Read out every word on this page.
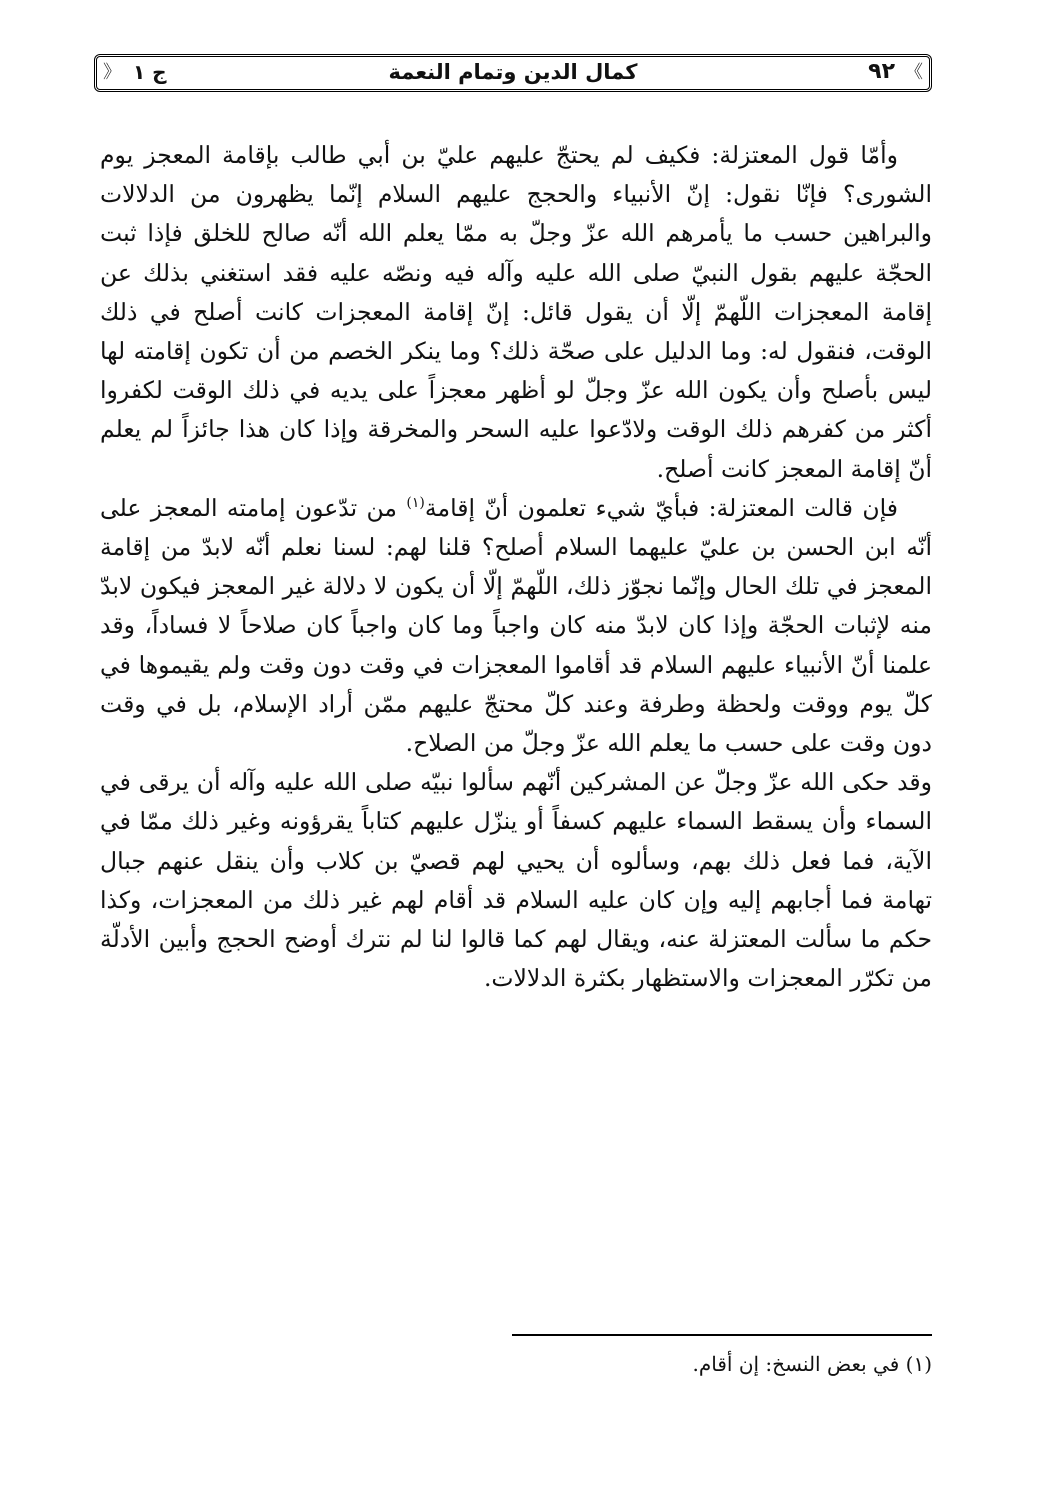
《
٩٢
كمال الدين وتمام النعمة
ج ١
》

وأمّا قول المعتزلة: فكيف لم يحتجّ عليهم عليّ بن أبي طالب بإقامة المعجز يوم الشورى؟ فإنّا نقول: إنّ الأنبياء والحجج عليهم السلام إنّما يظهرون من الدلالات والبراهين حسب ما يأمرهم الله عزّ وجلّ به ممّا يعلم الله أنّه صالح للخلق فإذا ثبت الحجّة عليهم بقول النبيّ صلى الله عليه وآله فيه ونصّه عليه فقد استغني بذلك عن إقامة المعجزات اللّهمّ إلّا أن يقول قائل: إنّ إقامة المعجزات كانت أصلح في ذلك الوقت، فنقول له: وما الدليل على صحّة ذلك؟ وما ينكر الخصم من أن تكون إقامته لها ليس بأصلح وأن يكون الله عزّ وجلّ لو أظهر معجزاً على يديه في ذلك الوقت لكفروا أكثر من كفرهم ذلك الوقت ولادّعوا عليه السحر والمخرقة وإذا كان هذا جائزاً لم يعلم أنّ إقامة المعجز كانت أصلح.

فإن قالت المعتزلة: فبأيّ شيء تعلمون أنّ إقامة$^{(١)}$ من تدّعون إمامته المعجز على أنّه ابن الحسن بن عليّ عليهما السلام أصلح؟ قلنا لهم: لسنا نعلم أنّه لابدّ من إقامة المعجز في تلك الحال وإنّما نجوّز ذلك، اللّهمّ إلّا أن يكون لا دلالة غير المعجز فيكون لابدّ منه لإثبات الحجّة وإذا كان لابدّ منه كان واجباً وما كان واجباً كان صلاحاً لا فساداً، وقد علمنا أنّ الأنبياء عليهم السلام قد أقاموا المعجزات في وقت دون وقت ولم يقيموها في كلّ يوم ووقت ولحظة وطرفة وعند كلّ محتجّ عليهم ممّن أراد الإسلام، بل في وقت دون وقت على حسب ما يعلم الله عزّ وجلّ من الصلاح.

وقد حكى الله عزّ وجلّ عن المشركين أنّهم سألوا نبيّه صلى الله عليه وآله أن يرقى في السماء وأن يسقط السماء عليهم كسفاً أو ينزّل عليهم كتاباً يقرؤونه وغير ذلك ممّا في الآية، فما فعل ذلك بهم، وسألوه أن يحيي لهم قصيّ بن كلاب وأن ينقل عنهم جبال تهامة فما أجابهم إليه وإن كان عليه السلام قد أقام لهم غير ذلك من المعجزات، وكذا حكم ما سألت المعتزلة عنه، ويقال لهم كما قالوا لنا لم نترك أوضح الحجج وأبين الأدلّة من تكرّر المعجزات والاستظهار بكثرة الدلالات.

(١) في بعض النسخ: إن أقام.
